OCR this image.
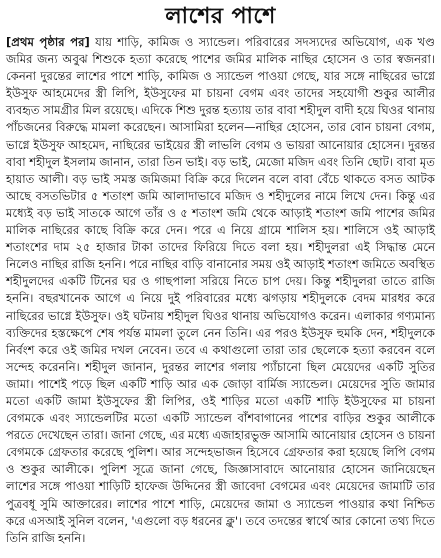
লাশের পাশে

[প্রথম পৃষ্ঠার পর] যায় শাড়ি, কামিজ ও স্যান্ডেল। পরিবারের সদস্যদের অভিযোগ, এক খণ্ড জমির জন্য অবুঝ শিশুকে হত্যা করেছে পাশের জমির মালিক নাছির হোসেন ও তার স্বজনরা। কেননা দুরন্তের লাশের পাশে শাড়ি, কামিজ ও স্যান্ডেল পাওয়া গেছে, যার সঙ্গে নাছিরের ভাগ্নে ইউসুফ আহমেদের স্ত্রী লিপি, ইউসুফের মা চায়না বেগম এবং তাদের সহযোগী শুকুর আলীর ব্যবহৃত সামগ্রীর মিল রয়েছে। এদিকে শিশু দুরন্ত হত্যায় তার বাবা শহীদুল বাদী হয়ে ঘিওর থানায় পাঁচজনের বিরুদ্ধে মামলা করেছেন। আসামিরা হলেন—নাছির হোসেন, তার বোন চায়না বেগম, ভাগ্নে ইউসুফ আহমেদ, নাছিরের ভাইয়ের স্ত্রী লাভলি বেগম ও ভায়রা আনোয়ার হোসেন। দুরন্তর বাবা শহীদুল ইসলাম জানান, তারা তিন ভাই। বড় ভাই, মেজো মজিদ এবং তিনি ছোট। বাবা মৃত হায়াত আলী। বড় ভাই সমস্ত জমিজমা বিক্রি করে দিলেন বলে বাবা বেঁচে থাকতে বসত আটক আছে বসতভিটার ৫ শতাংশ জমি আলাদাভাবে মজিদ ও শহীদুলের নামে লিখে দেন। কিন্তু এর মধ্যেই বড় ভাই সাতকে আগে তাঁর ও ৫ শতাংশ জমি থেকে আড়াই শতাংশ জমি পাশের জমির মালিক নাছিরের কাছে বিক্রি করে দেন। পরে এ নিয়ে গ্রামে শালিস হয়। শালিসে ওই আড়াই শতাংশের দাম ২৫ হাজার টাকা তাদের ফিরিয়ে দিতে বলা হয়। শহীদুলরা এই সিদ্ধান্ত মেনে নিলেও নাছির রাজি হননি। পরে নাছির বাড়ি বানানোর সময় ওই আড়াই শতাংশ জমিতে অবস্থিত শহীদুলদের একটি টিনের ঘর ও গাছপালা সরিয়ে নিতে চাপ দেয়। কিন্তু শহীদুলরা তাতে রাজি হননি। বছরখানেক আগে এ নিয়ে দুই পরিবারের মধ্যে ঝগড়ায় শহীদুলকে বেদম মারধর করে নাছিরের ভাগ্নে ইউসুফ। ওই ঘটনায় শহীদুল ঘিওর থানায় অভিযোগও করেন। এলাকার গণ্যমান্য ব্যক্তিদের হস্তক্ষেপে শেষ পর্যন্ত মামলা তুলে নেন তিনি। এর পরও ইউসুফ হুমকি দেন, শহীদুলকে নির্বংশ করে ওই জমির দখল নেবেন। তবে এ কথাগুলো তারা তার ছেলেকে হত্যা করবেন বলে সন্দেহ করেননি। শহীদুল জানান, দুরন্তর লাশের গলায় প্যাঁচানো ছিল মেয়েদের একটি সুতির জামা। পাশেই পড়ে ছিল একটি শাড়ি আর এক জোড়া বার্মিজ স্যান্ডেল। মেয়েদের সুতি জামার মতো একটি জামা ইউসুফের স্ত্রী লিপির, ওই শাড়ির মতো একটি শাড়ি ইউসুফের মা চায়না বেগমকে এবং স্যান্ডেলটির মতো একটি স্যান্ডেল বাঁশবাগানের পাশের বাড়ির শুকুর আলীকে পরতে দেখেছেন তারা। জানা গেছে, এর মধ্যে এজাহারভুক্ত আসামি আনোয়ার হোসেন ও চায়না বেগমকে গ্রেফতার করেছে পুলিশ। আর সন্দেহভাজন হিসেবে গ্রেফতার করা হয়েছে লিপি বেগম ও শুকুর আলীকে। পুলিশ সূত্রে জানা গেছে, জিজ্ঞাসাবাদে আনোয়ার হোসেন জানিয়েছেন লাশের সঙ্গে পাওয়া শাড়িটি হাফেজ উদ্দিনের স্ত্রী জাবেদা বেগমের এবং মেয়েদের জামাটি তার পুত্রবধূ সুমি আক্তারের। লাশের পাশে শাড়ি, মেয়েদের জামা ও স্যান্ডেল পাওয়ার কথা নিশ্চিত করে এসআই সুনিল বলেন, 'এগুলো বড় ধরনের ক্লু'। তবে তদন্তের স্বার্থে আর কোনো তথ্য দিতে তিনি রাজি হননি।
